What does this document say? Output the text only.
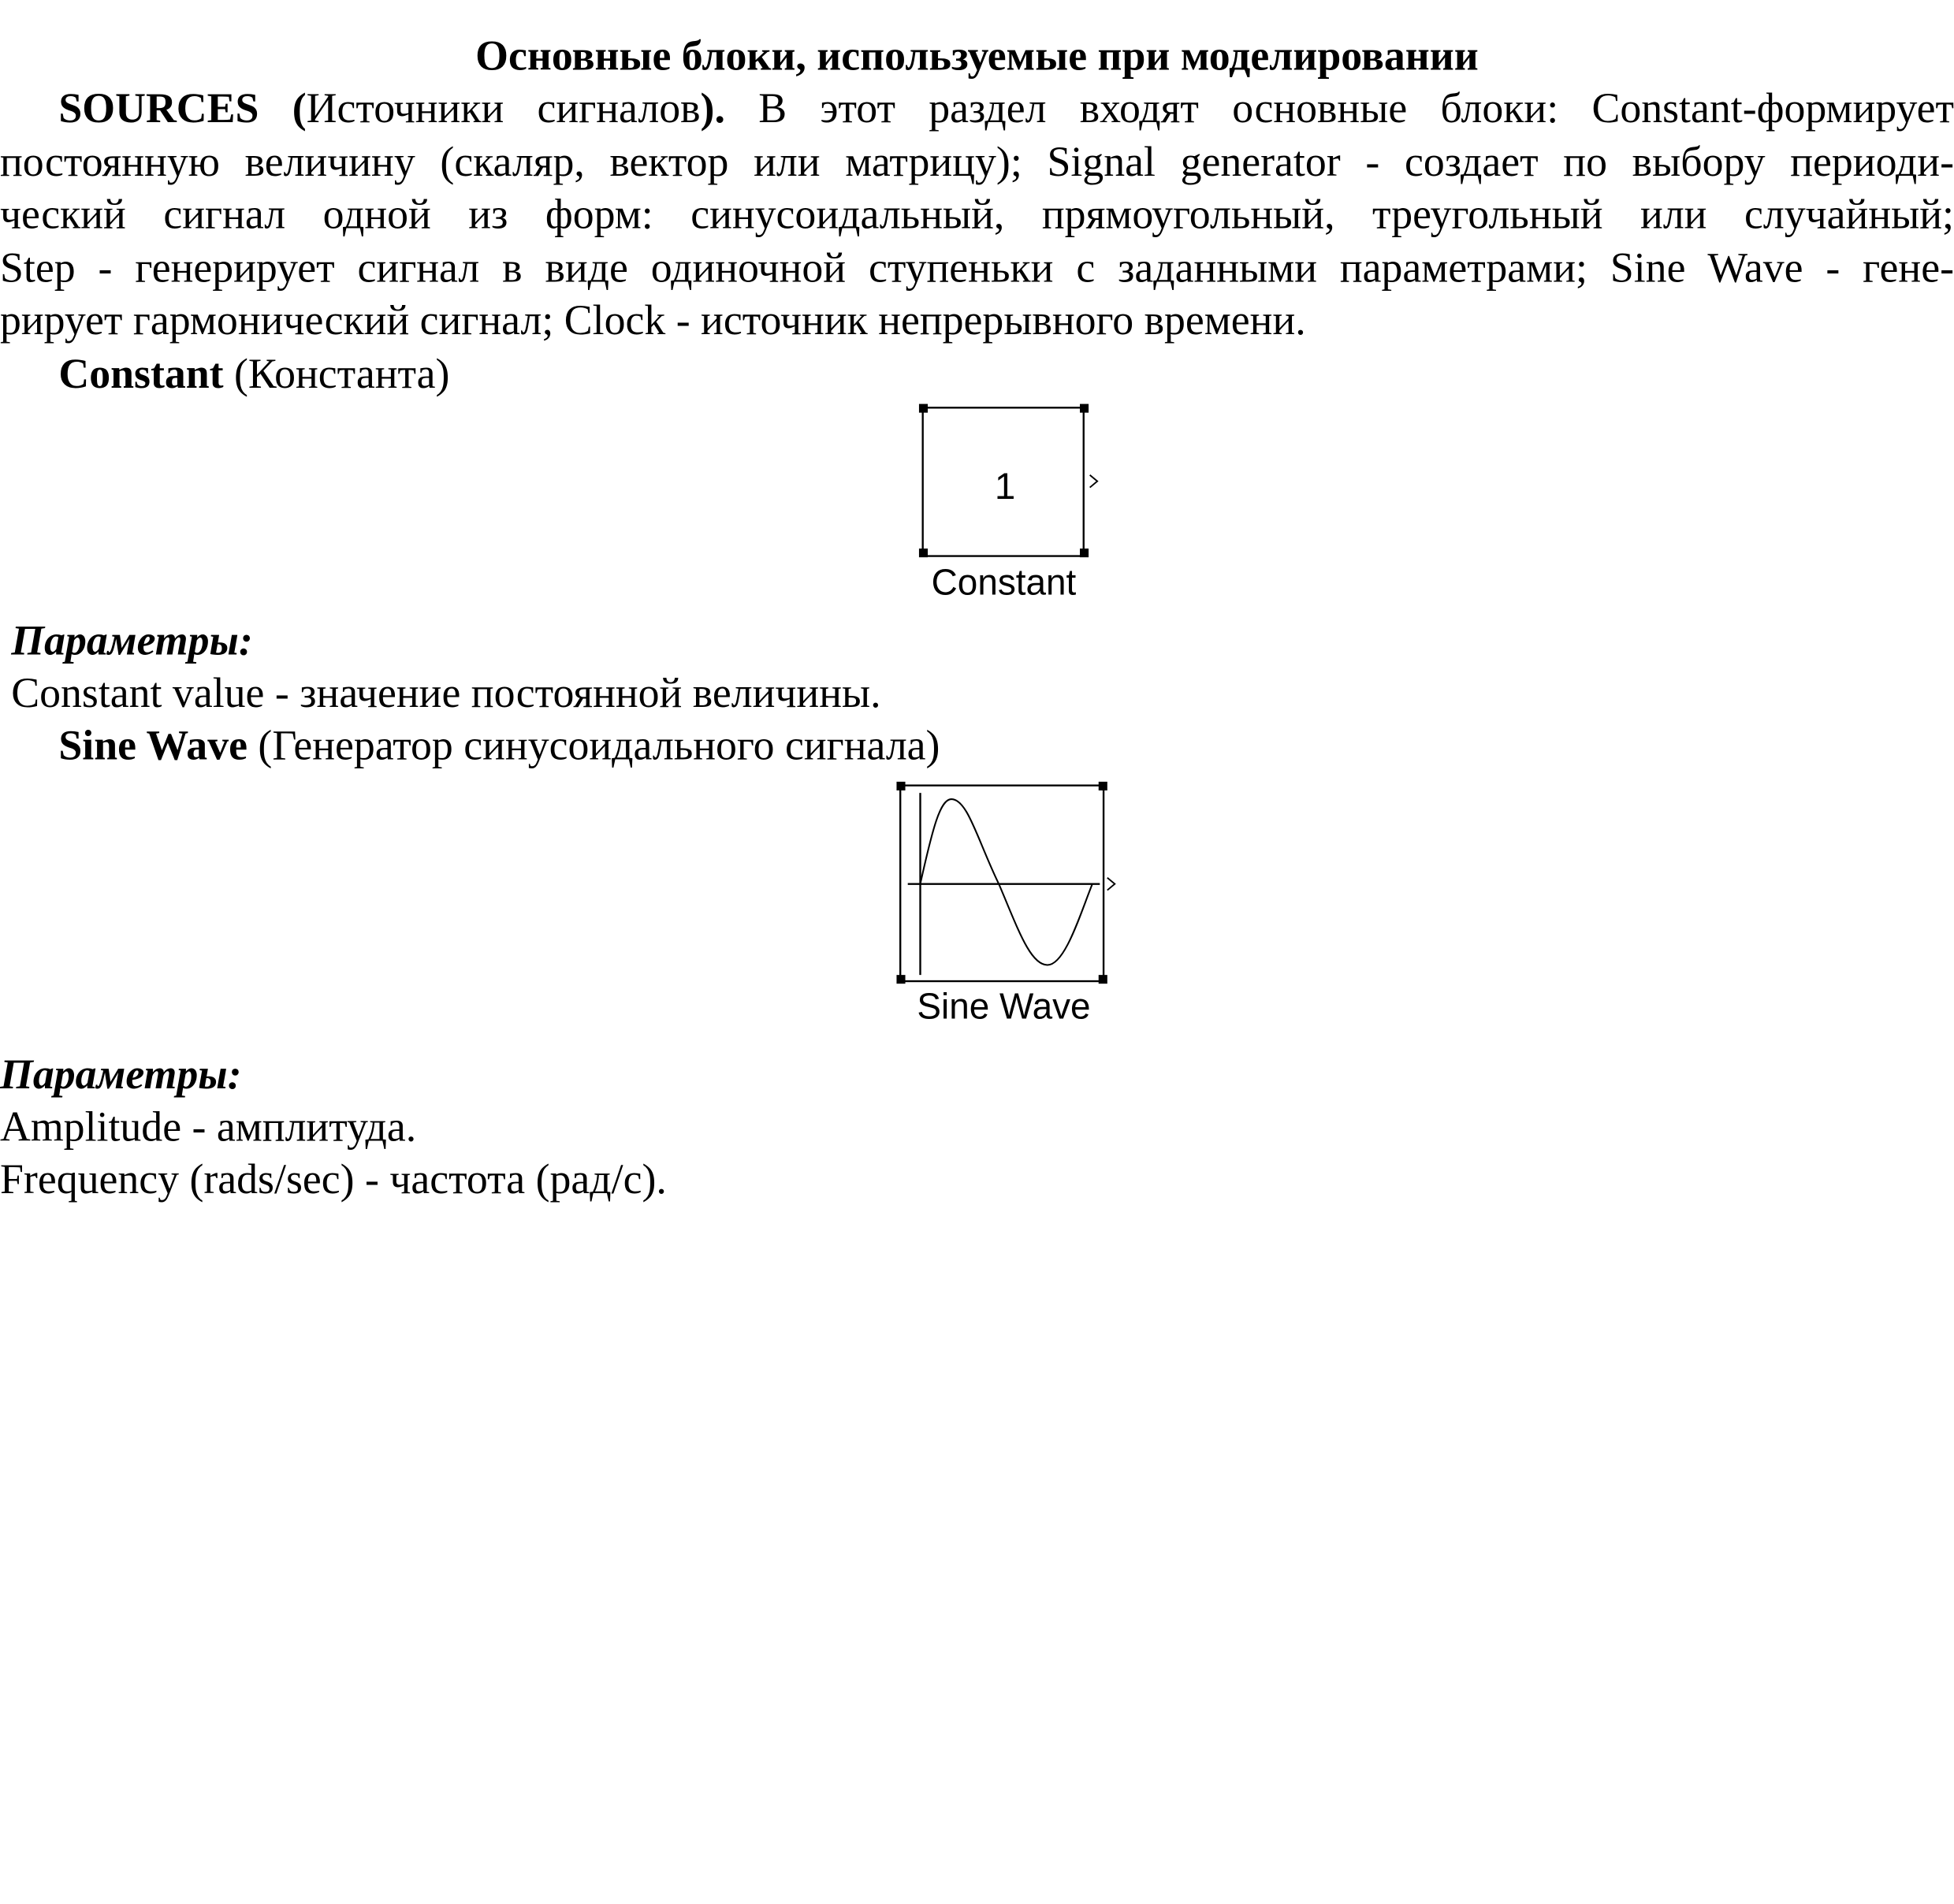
Основные блоки, используемые при моделировании
SOURCES (Источники сигналов). В этот раздел входят основные блоки: Constant-формирует
постоянную величину (скаляр, вектор или матрицу); Signal generator - создает по выбору периоди-
ческий сигнал одной из форм: синусоидальный, прямоугольный, треугольный или случайный;
Step - генерирует сигнал в виде одиночной ступеньки с заданными параметрами; Sine Wave - гене-
рирует гармонический сигнал; Clock - источник непрерывного времени.
Constant (Константа)
1
Constant
Параметры:
Constant value - значение постоянной величины.
Sine Wave (Генератор синусоидального сигнала)
Sine Wave
Параметры:
Amplitude - амплитуда.
Frequency (rads/sec) - частота (рад/с).
